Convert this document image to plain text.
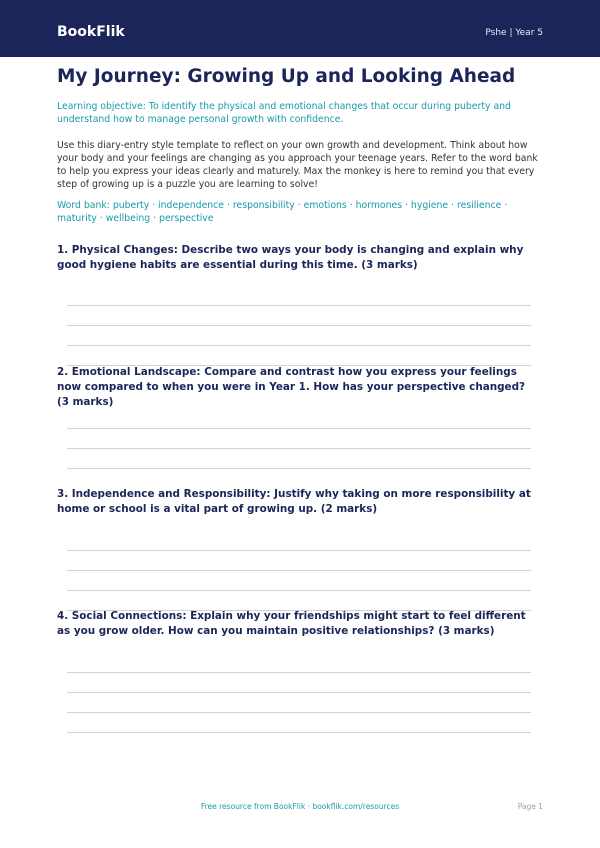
BookFlik	Pshe | Year 5
My Journey: Growing Up and Looking Ahead
Learning objective: To identify the physical and emotional changes that occur during puberty and understand how to manage personal growth with confidence.
Use this diary-entry style template to reflect on your own growth and development. Think about how your body and your feelings are changing as you approach your teenage years. Refer to the word bank to help you express your ideas clearly and maturely. Max the monkey is here to remind you that every step of growing up is a puzzle you are learning to solve!
Word bank: puberty · independence · responsibility · emotions · hormones · hygiene · resilience · maturity · wellbeing · perspective
1. Physical Changes: Describe two ways your body is changing and explain why good hygiene habits are essential during this time. (3 marks)
2. Emotional Landscape: Compare and contrast how you express your feelings now compared to when you were in Year 1. How has your perspective changed? (3 marks)
3. Independence and Responsibility: Justify why taking on more responsibility at home or school is a vital part of growing up. (2 marks)
4. Social Connections: Explain why your friendships might start to feel different as you grow older. How can you maintain positive relationships? (3 marks)
Free resource from BookFlik · bookflik.com/resources	Page 1
